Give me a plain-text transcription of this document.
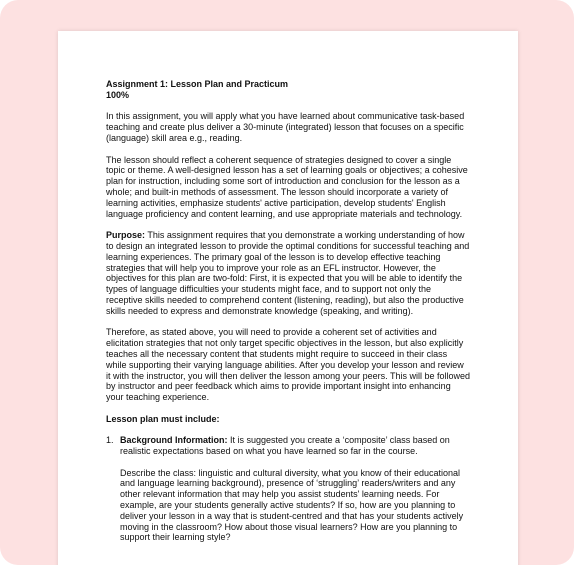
Assignment 1: Lesson Plan and Practicum
100%

In this assignment, you will apply what you have learned about communicative task-based teaching and create plus deliver a 30-minute (integrated) lesson that focuses on a specific (language) skill area e.g., reading.

The lesson should reflect a coherent sequence of strategies designed to cover a single topic or theme. A well-designed lesson has a set of learning goals or objectives; a cohesive plan for instruction, including some sort of introduction and conclusion for the lesson as a whole; and built-in methods of assessment. The lesson should incorporate a variety of learning activities, emphasize students' active participation, develop students' English language proficiency and content learning, and use appropriate materials and technology.

Purpose: This assignment requires that you demonstrate a working understanding of how to design an integrated lesson to provide the optimal conditions for successful teaching and learning experiences. The primary goal of the lesson is to develop effective teaching strategies that will help you to improve your role as an EFL instructor. However, the objectives for this plan are two-fold: First, it is expected that you will be able to identify the types of language difficulties your students might face, and to support not only the receptive skills needed to comprehend content (listening, reading), but also the productive skills needed to express and demonstrate knowledge (speaking, and writing).

Therefore, as stated above, you will need to provide a coherent set of activities and elicitation strategies that not only target specific objectives in the lesson, but also explicitly teaches all the necessary content that students might require to succeed in their class while supporting their varying language abilities. After you develop your lesson and review it with the instructor, you will then deliver the lesson among your peers. This will be followed by instructor and peer feedback which aims to provide important insight into enhancing your teaching experience.

Lesson plan must include:

1. Background Information: It is suggested you create a ‘composite’ class based on realistic expectations based on what you have learned so far in the course.

Describe the class: linguistic and cultural diversity, what you know of their educational and language learning background), presence of ‘struggling’ readers/writers and any other relevant information that may help you assist students' learning needs. For example, are your students generally active students? If so, how are you planning to deliver your lesson in a way that is student-centred and that has your students actively moving in the classroom? How about those visual learners? How are you planning to support their learning style?
